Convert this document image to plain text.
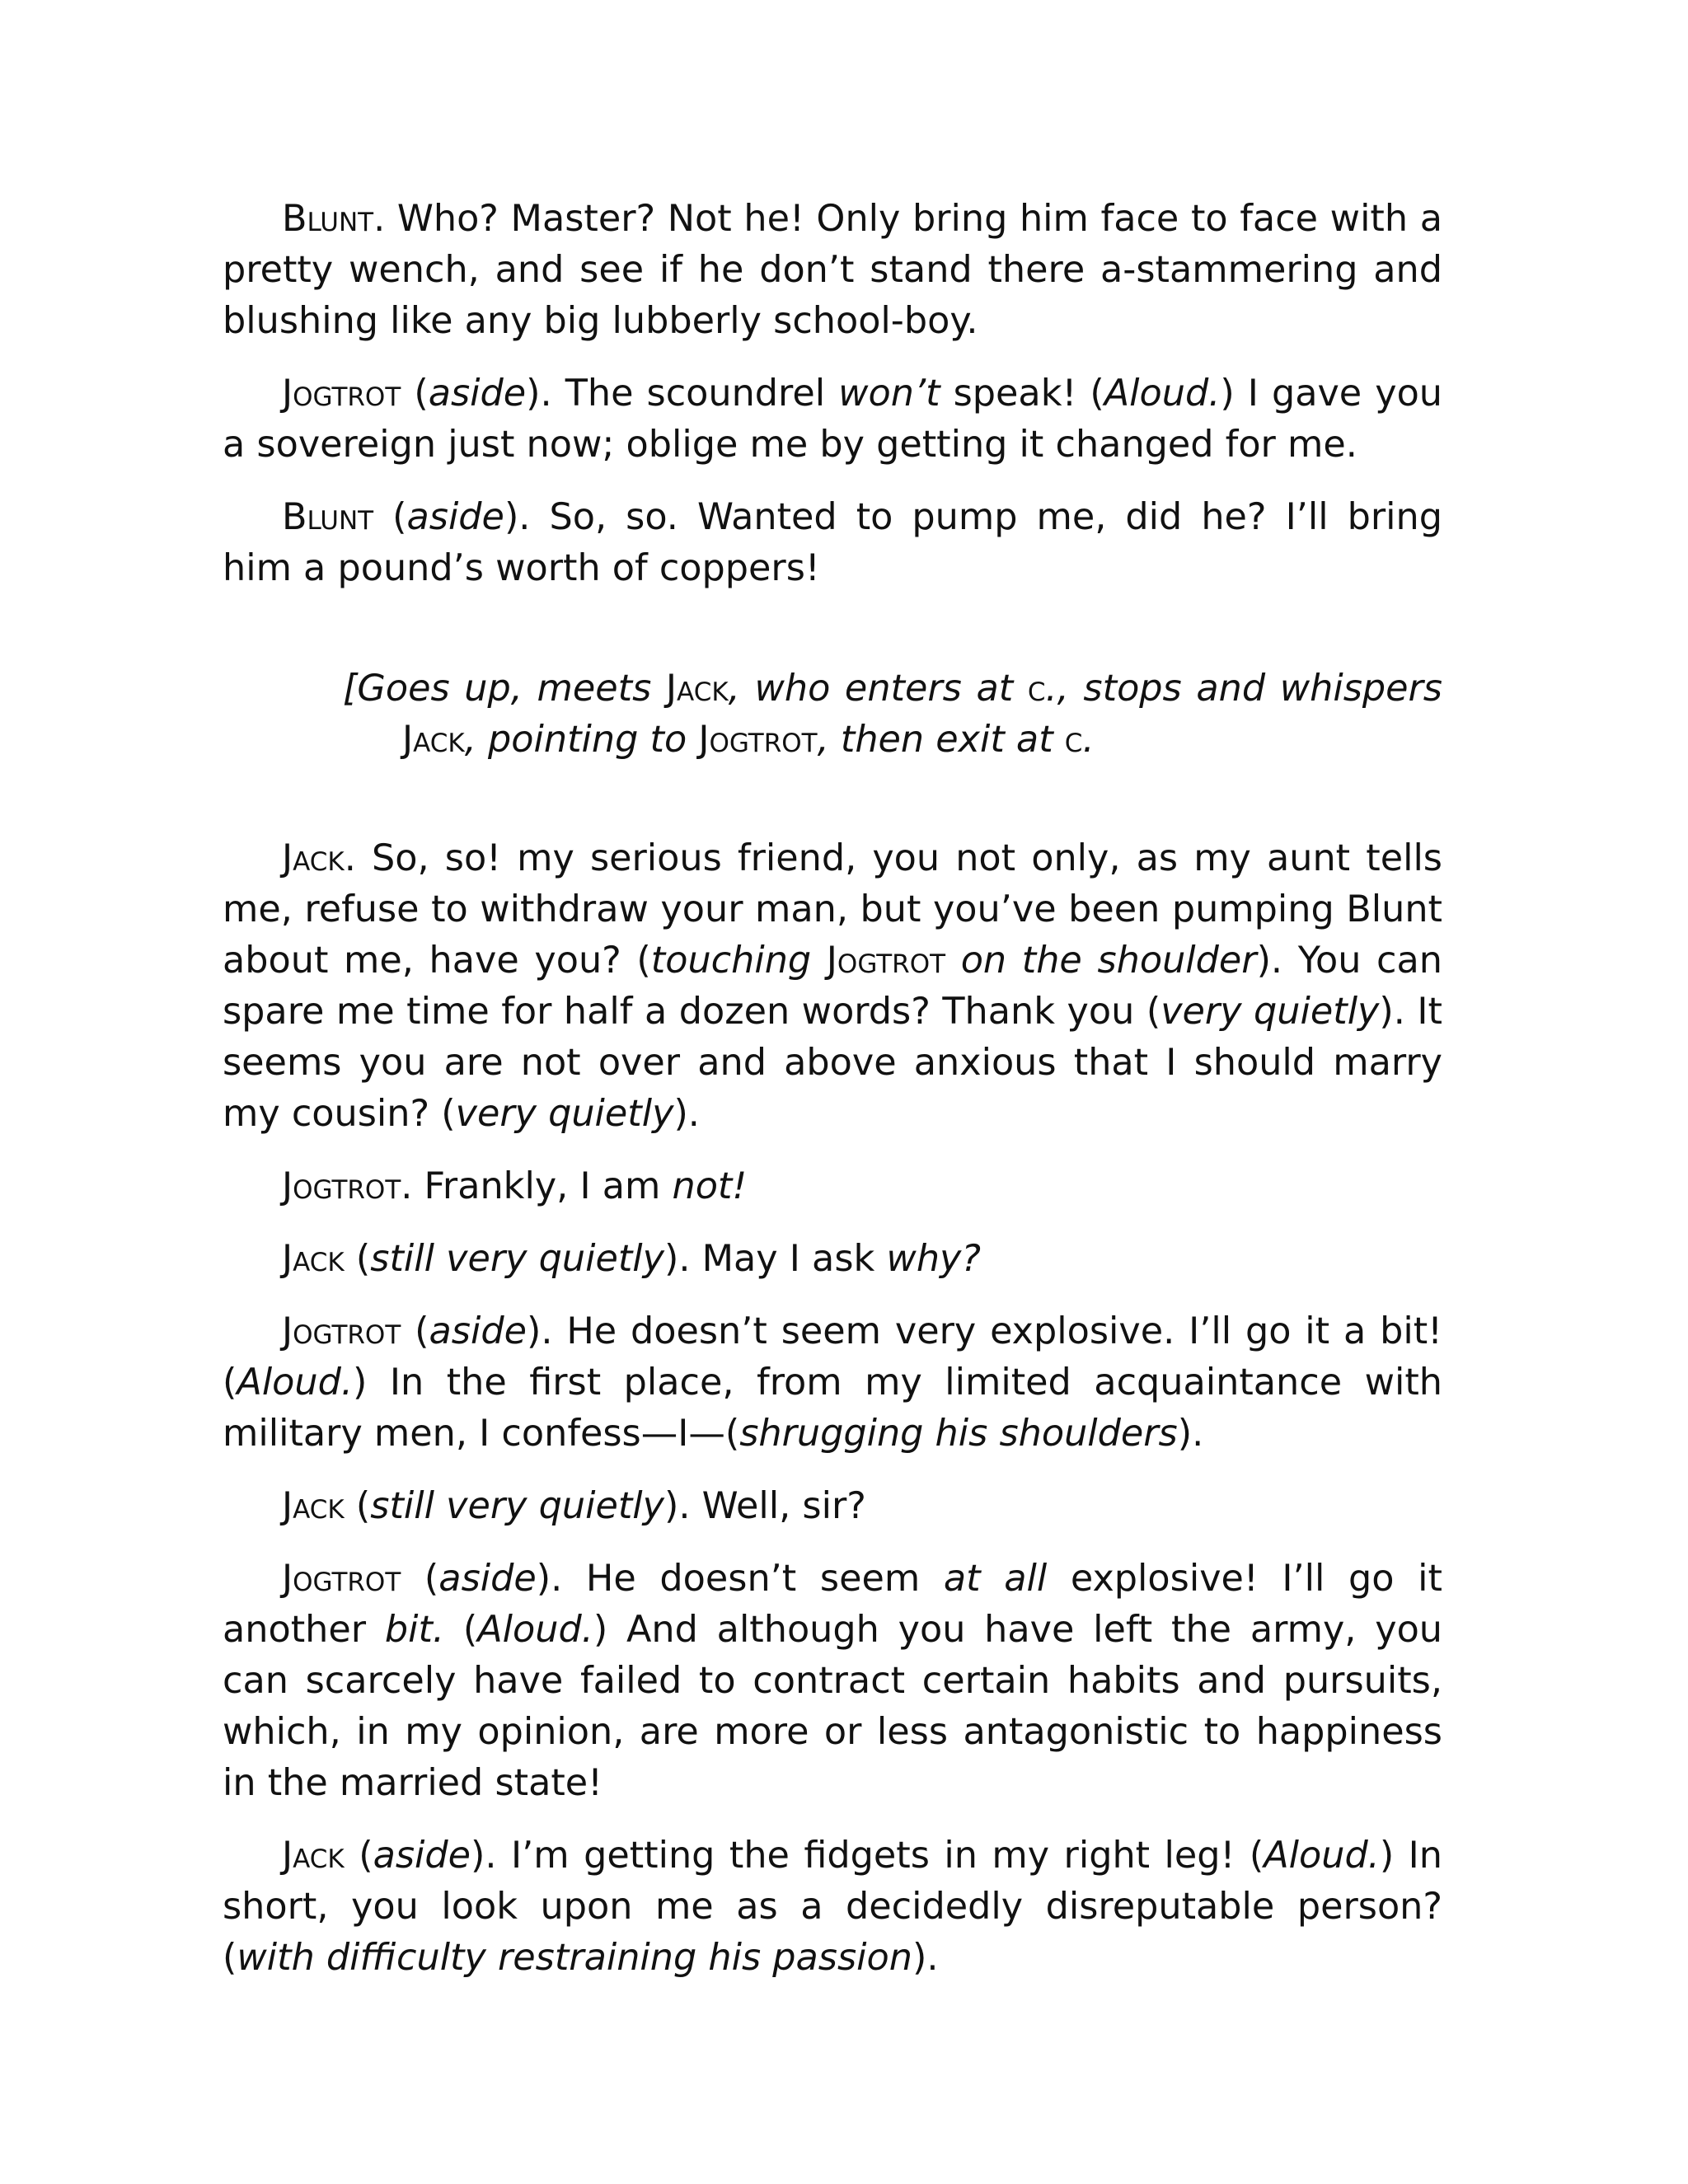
Blunt. Who? Master? Not he! Only bring him face to face with a pretty wench, and see if he don’t stand there a-stammering and blushing like any big lubberly school-boy.

Jogtrot (aside). The scoundrel won’t speak! (Aloud.) I gave you a sovereign just now; oblige me by getting it changed for me.

Blunt (aside). So, so. Wanted to pump me, did he? I’ll bring him a pound’s worth of coppers!

[Goes up, meets Jack, who enters at c., stops and whispers Jack, pointing to Jogtrot, then exit at c.

Jack. So, so! my serious friend, you not only, as my aunt tells me, refuse to withdraw your man, but you’ve been pumping Blunt about me, have you? (touching Jogtrot on the shoulder). You can spare me time for half a dozen words? Thank you (very quietly). It seems you are not over and above anxious that I should marry my cousin? (very quietly).

Jogtrot. Frankly, I am not!

Jack (still very quietly). May I ask why?

Jogtrot (aside). He doesn’t seem very explosive. I’ll go it a bit! (Aloud.) In the first place, from my limited acquaintance with military men, I confess—I—(shrugging his shoulders).

Jack (still very quietly). Well, sir?

Jogtrot (aside). He doesn’t seem at all explosive! I’ll go it another bit. (Aloud.) And although you have left the army, you can scarcely have failed to contract certain habits and pursuits, which, in my opinion, are more or less antagonistic to happiness in the married state!

Jack (aside). I’m getting the fidgets in my right leg! (Aloud.) In short, you look upon me as a decidedly disreputable person? (with difficulty restraining his passion).
